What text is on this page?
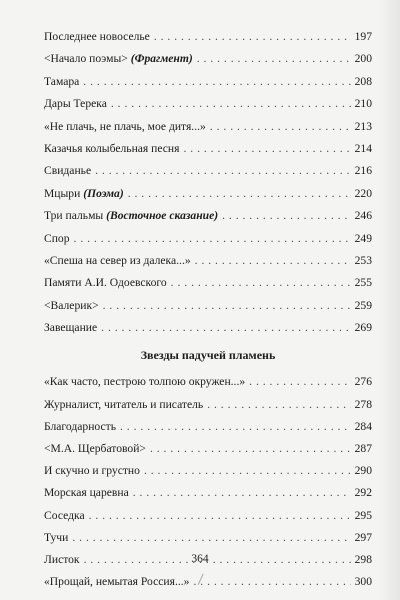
Последнее новоселье . . .	197
<Начало поэмы> (Фрагмент) . . .	200
Тамара . . .	208
Дары Терека . . .	210
«Не плачь, не плачь, мое дитя...» . . .	213
Казачья колыбельная песня . . .	214
Свиданье . . .	216
Мцыри (Поэма) . . .	220
Три пальмы (Восточное сказание) . . .	246
Спор . . .	249
«Спеша на север из далека...» . . .	253
Памяти А.И. Одоевского . . .	255
<Валерик> . . .	259
Завещание . . .	269
Звезды падучей пламень
«Как часто, пестрою толпою окружен...» . . .	276
Журналист, читатель и писатель . . .	278
Благодарность . . .	284
<М.А. Щербатовой> . . .	287
И скучно и грустно . . .	290
Морская царевна . . .	292
Соседка . . .	295
Тучи . . .	297
Листок . . .	298
«Прощай, немытая Россия...» . . .	300
364
